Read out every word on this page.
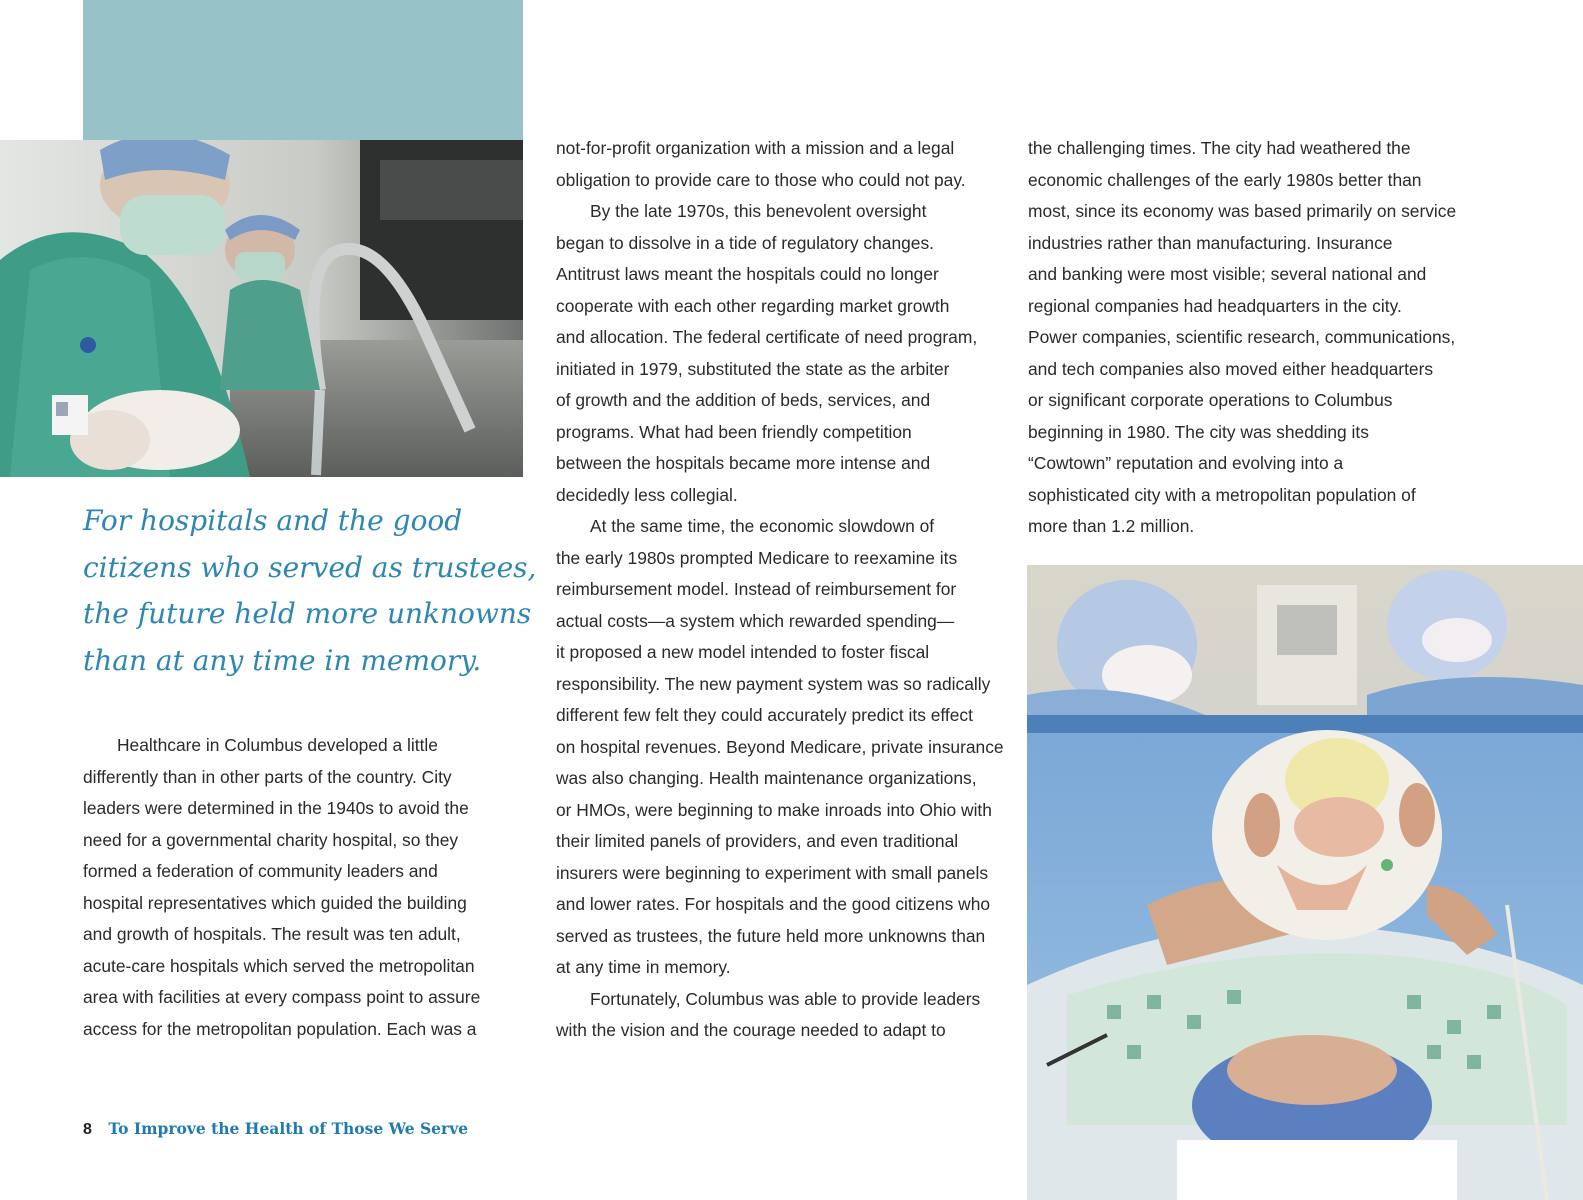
For hospitals and the good
citizens who served as trustees,
the future held more unknowns
than at any time in memory.
Healthcare in Columbus developed a little
differently than in other parts of the country. City
leaders were determined in the 1940s to avoid the
need for a governmental charity hospital, so they
formed a federation of community leaders and
hospital representatives which guided the building
and growth of hospitals. The result was ten adult,
acute-care hospitals which served the metropolitan
area with facilities at every compass point to assure
access for the metropolitan population. Each was a
not-for-profit organization with a mission and a legal
obligation to provide care to those who could not pay.
By the late 1970s, this benevolent oversight
began to dissolve in a tide of regulatory changes.
Antitrust laws meant the hospitals could no longer
cooperate with each other regarding market growth
and allocation. The federal certificate of need program,
initiated in 1979, substituted the state as the arbiter
of growth and the addition of beds, services, and
programs. What had been friendly competition
between the hospitals became more intense and
decidedly less collegial.
At the same time, the economic slowdown of
the early 1980s prompted Medicare to reexamine its
reimbursement model. Instead of reimbursement for
actual costs—a system which rewarded spending—
it proposed a new model intended to foster fiscal
responsibility. The new payment system was so radically
different few felt they could accurately predict its effect
on hospital revenues. Beyond Medicare, private insurance
was also changing. Health maintenance organizations,
or HMOs, were beginning to make inroads into Ohio with
their limited panels of providers, and even traditional
insurers were beginning to experiment with small panels
and lower rates. For hospitals and the good citizens who
served as trustees, the future held more unknowns than
at any time in memory.
Fortunately, Columbus was able to provide leaders
with the vision and the courage needed to adapt to
the challenging times. The city had weathered the
economic challenges of the early 1980s better than
most, since its economy was based primarily on service
industries rather than manufacturing. Insurance
and banking were most visible; several national and
regional companies had headquarters in the city.
Power companies, scientific research, communications,
and tech companies also moved either headquarters
or significant corporate operations to Columbus
beginning in 1980. The city was shedding its
“Cowtown” reputation and evolving into a
sophisticated city with a metropolitan population of
more than 1.2 million.
8 To Improve the Health of Those We Serve
